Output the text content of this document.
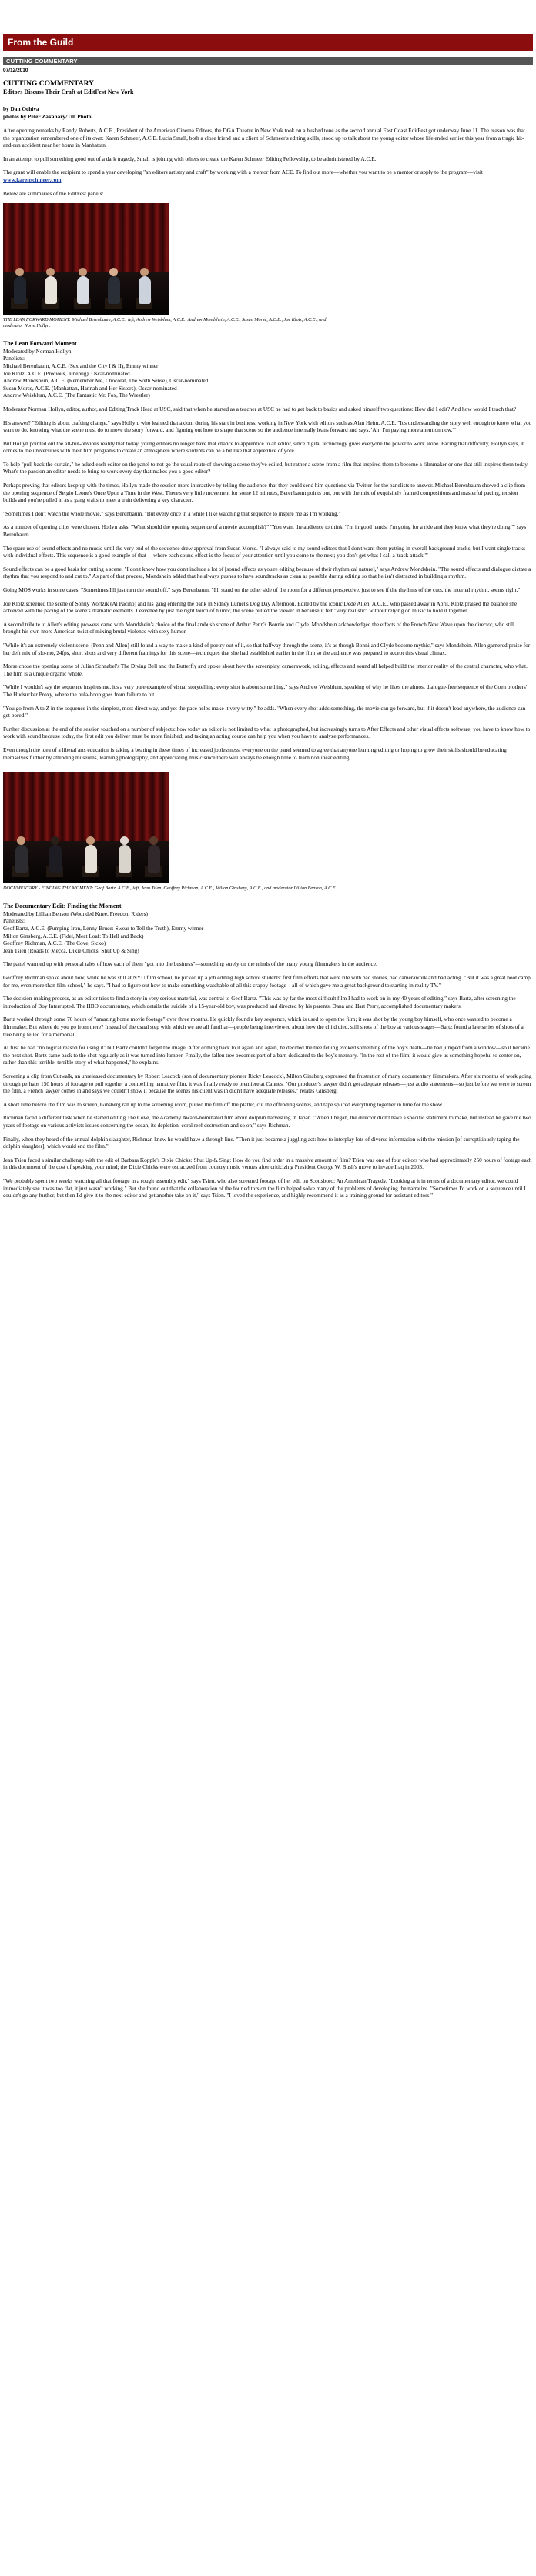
From the Guild
CUTTING COMMENTARY
07/12/2010
CUTTING COMMENTARY
Editors Discuss Their Craft at EditFest New York
by Dan Ochiva
photos by Peter Zakahary/Tilt Photo

After opening remarks by Randy Roberts, A.C.E., President of the American Cinema Editors, the DGA Theatre in New York took on a hushed tone as the second annual East Coast EditFest got underway June 11. The reason was that the organization remembered one of its own: Karen Schmeer, A.C.E. Lucia Small, both a close friend and a client of Schmeer's editing skills, stood up to talk about the young editor whose life ended earlier this year from a tragic hit-and-run accident near her home in Manhattan.

In an attempt to pull something good out of a dark tragedy, Small is joining with others to create the Karen Schmeer Editing Fellowship, to be administered by A.C.E.

The grant will enable the recipient to spend a year developing "an editors artistry and craft" by working with a mentor from ACE. To find out more—whether you want to be a mentor or apply to the program—visit www.karenschmeer.com.

Below are summaries of the EditFest panels:

THE LEAN FORWARD MOMENT: Michael Berenbaum, A.C.E., left, Andrew Weisblum, A.C.E., Andrew Mondshein, A.C.E., Susan Morse, A.C.E., Joe Klotz, A.C.E., and moderator Norm Hollyn.
The Lean Forward Moment
Moderated by Norman Hollyn
Panelists:
Michael Berenbaum, A.C.E. (Sex and the City I & II), Emmy winner
Joe Klotz, A.C.E. (Precious, Junebug), Oscar-nominated
Andrew Mondshein, A.C.E. (Remember Me, Chocolat, The Sixth Sense), Oscar-nominated
Susan Morse, A.C.E. (Manhattan, Hannah and Her Sisters), Oscar-nominated
Andrew Weisblum, A.C.E. (The Fantastic Mr. Fox, The Wrestler)

Moderator Norman Hollyn, editor, author, and Editing Track Head at USC, said that when he started as a teacher at USC he had to get back to basics and asked himself two questions: How did I edit? And how would I teach that?

His answer? "Editing is about crafting change," says Hollyn, who learned that axiom during his start in business, working in New York with editors such as Alan Heim, A.C.E. "It's understanding the story well enough to know what you want to do, knowing what the scene must do to move the story forward, and figuring out how to shape that scene so the audience internally leans forward and says, 'Ah! I'm paying more attention now.'"

But Hollyn pointed out the all-but-obvious reality that today, young editors no longer have that chance to apprentice to an editor, since digital technology gives everyone the power to work alone. Facing that difficulty, Hollyn says, it comes to the universities with their film programs to create an atmosphere where students can be a bit like that apprentice of yore.

To help "pull back the curtain," he asked each editor on the panel to not go the usual route of showing a scene they've edited, but rather a scene from a film that inspired them to become a filmmaker or one that still inspires them today. What's the passion an editor needs to bring to work every day that makes you a good editor?

Perhaps proving that editors keep up with the times, Hollyn made the session more interactive by telling the audience that they could send him questions via Twitter for the panelists to answer. Michael Berenbaum showed a clip from the opening sequence of Sergio Leone's Once Upon a Time in the West. There's very little movement for some 12 minutes, Berenbaum points out, but with the mix of exquisitely framed compositions and masterful pacing, tension builds and you're pulled in as a gang waits to meet a train delivering a key character.

"Sometimes I don't watch the whole movie," says Berenbaum. "But every once in a while I like watching that sequence to inspire me as I'm working."

As a number of opening clips were chosen, Hollyn asks, "What should the opening sequence of a movie accomplish?" "You want the audience to think, 'I'm in good hands; I'm going for a ride and they know what they're doing,'" says Berenbaum.

The spare use of sound effects and no music until the very end of the sequence drew approval from Susan Morse. "I always said to my sound editors that I don't want them putting in overall background tracks, but I want single tracks with individual effects. This sequence is a good example of that— where each sound effect is the focus of your attention until you come to the next; you don't get what I call a 'track attack.'"

Sound effects can be a good basis for cutting a scene. "I don't know how you don't include a lot of [sound effects as you're editing because of their rhythmical nature]," says Andrew Mondshein. "The sound effects and dialogue dictate a rhythm that you respond to and cut to." As part of that process, Mondshein added that he always pushes to have soundtracks as clean as possible during editing so that he isn't distracted in building a rhythm.

Going MOS works in some cases. "Sometimes I'll just turn the sound off," says Berenbaum. "I'll stand on the other side of the room for a different perspective, just to see if the rhythms of the cuts, the internal rhythm, seems right."

Joe Klotz screened the scene of Sonny Wortzik (Al Pacino) and his gang entering the bank in Sidney Lumet's Dog Day Afternoon. Edited by the iconic Dede Allen, A.C.E., who passed away in April, Klotz praised the balance she achieved with the pacing of the scene's dramatic elements. Leavened by just the right touch of humor, the scene pulled the viewer in because it felt "very realistic" without relying on music to hold it together.

A second tribute to Allen's editing prowess came with Mondshein's choice of the final ambush scene of Arthur Penn's Bonnie and Clyde. Mondshein acknowledged the effects of the French New Wave upon the director, who still brought his own more American twist of mixing brutal violence with sexy humor.

"While it's an extremely violent scene, [Penn and Allen] still found a way to make a kind of poetry out of it, so that halfway through the scene, it's as though Bonni and Clyde become mythic," says Mondshein. Allen garnered praise for her deft mix of slo-mo, 24fps, short shots and very different framings for this scene—techniques that she had established earlier in the film so the audience was prepared to accept this visual climax.

Morse chose the opening scene of Julian Schnabel's The Diving Bell and the Butterfly and spoke about how the screenplay, camerawork, editing, effects and sound all helped build the interior reality of the central character, who what. The film is a unique organic whole.

"While I wouldn't say the sequence inspires me, it's a very pure example of visual storytelling; every shot is about something," says Andrew Weisblum, speaking of why he likes the almost dialogue-free sequence of the Coen brothers' The Hudsucker Proxy, where the hula-hoop goes from failure to hit.

"You go from A to Z in the sequence in the simplest, most direct way, and yet the pace helps make it very witty," he adds. "When every shot adds something, the movie can go forward, but if it doesn't lead anywhere, the audience can get bored."

Further discussion at the end of the session touched on a number of subjects: how today an editor is not limited to what is photographed, but increasingly turns to After Effects and other visual effects software; you have to know how to work with sound because today, the first edit you deliver must be more finished; and taking an acting course can help you when you have to analyze performances.

Even though the idea of a liberal arts education is taking a beating in these times of increased joblessness, everyone on the panel seemed to agree that anyone learning editing or hoping to grow their skills should be educating themselves further by attending museums, learning photography, and appreciating music since there will always be enough time to learn nonlinear editing.

DOCUMENTARY - FINDING THE MOMENT: Geof Bartz, A.C.E., left, Jean Tsien, Geoffrey Richman, A.C.E., Milton Ginsberg, A.C.E., and moderator Lillian Benson, A.C.E.
The Documentary Edit: Finding the Moment
Moderated by Lillian Benson (Wounded Knee, Freedom Riders)
Panelists:
Geof Bartz, A.C.E. (Pumping Iron, Lenny Bruce: Swear to Tell the Truth), Emmy winner
Milton Ginsberg, A.C.E. (Fidel, Meat Loaf: To Hell and Back)
Geoffrey Richman, A.C.E. (The Cove, Sicko)
Jean Tsien (Roads to Mecca, Dixie Chicks: Shut Up & Sing)

The panel warmed up with personal tales of how each of them "got into the business"—something surely on the minds of the many young filmmakers in the audience.

Geoffrey Richman spoke about how, while he was still at NYU film school, he picked up a job editing high school students' first film efforts that were rife with bad stories, bad camerawork and bad acting. "But it was a great boot camp for me, even more than film school," he says. "I had to figure out how to make something watchable of all this crappy footage—all of which gave me a great background to starting in reality TV."

The decision-making process, as an editor tries to find a story in very serious material, was central to Geof Bartz. "This was by far the most difficult film I had to work on in my 40 years of editing," says Bartz, after screening the introduction of Boy Interrupted. The HBO documentary, which details the suicide of a 15-year-old boy, was produced and directed by his parents, Dana and Hart Perry, accomplished documentary makers.

Bartz worked through some 70 hours of "amazing home movie footage" over three months. He quickly found a key sequence, which is used to open the film; it was shot by the young boy himself, who once wanted to become a filmmaker. But where do you go from there? Instead of the usual step with which we are all familiar—people being interviewed about how the child died, still shots of the boy at various stages—Bartz found a late series of shots of a tree being felled for a memorial.

At first he had "no logical reason for using it" but Bartz couldn't forget the image. After coming back to it again and again, he decided the tree felling evoked something of the boy's death—he had jumped from a window—so it became the next shot. Bartz came back to the shot regularly as it was turned into lumber. Finally, the fallen tree becomes part of a barn dedicated to the boy's memory. "In the rest of the film, it would give us something hopeful to center on, rather than this terrible, terrible story of what happened," he explains.

Screening a clip from Cutwalk, an unreleased documentary by Robert Leacock (son of documentary pioneer Ricky Leacock), Milton Ginsberg expressed the frustration of many documentary filmmakers. After six months of work going through perhaps 150 hours of footage to pull together a compelling narrative film, it was finally ready to premiere at Cannes. "Our producer's lawyer didn't get adequate releases—just audio statements—so just before we were to screen the film, a French lawyer comes in and says we couldn't show it because the scenes his client was in didn't have adequate releases," relates Ginsberg.

A short time before the film was to screen, Ginsberg ran up to the screening room, pulled the film off the platter, cut the offending scenes, and tape spliced everything together in time for the show.

Richman faced a different task when he started editing The Cove, the Academy Award-nominated film about dolphin harvesting in Japan. "When I began, the director didn't have a specific statement to make, but instead he gave me two years of footage on various activists issues concerning the ocean, its depletion, coral reef destruction and so on," says Richman.

Finally, when they heard of the annual dolphin slaughter, Richman knew he would have a through line. "Then it just became a juggling act: how to interplay lots of diverse information with the mission [of surreptitiously taping the dolphin slaughter], which would end the film."

Jean Tsien faced a similar challenge with the edit of Barbara Kopple's Dixie Chicks: Shut Up & Sing: How do you find order in a massive amount of film? Tsien was one of four editors who had approximately 250 hours of footage each in this document of the cost of speaking your mind; the Dixie Chicks were ostracized from country music venues after criticizing President George W. Bush's move to invade Iraq in 2003.

"We probably spent two weeks watching all that footage in a rough assembly edit," says Tsien, who also screened footage of her edit on Scottsboro: An American Tragedy. "Looking at it in terms of a documentary editor, we could immediately see it was too flat, it just wasn't working." But she found out that the collaboration of the four editors on the film helped solve many of the problems of developing the narrative. "Sometimes I'd work on a sequence until I couldn't go any further, but then I'd give it to the next editor and get another take on it," says Tsien. "I loved the experience, and highly recommend it as a training ground for assistant editors."
